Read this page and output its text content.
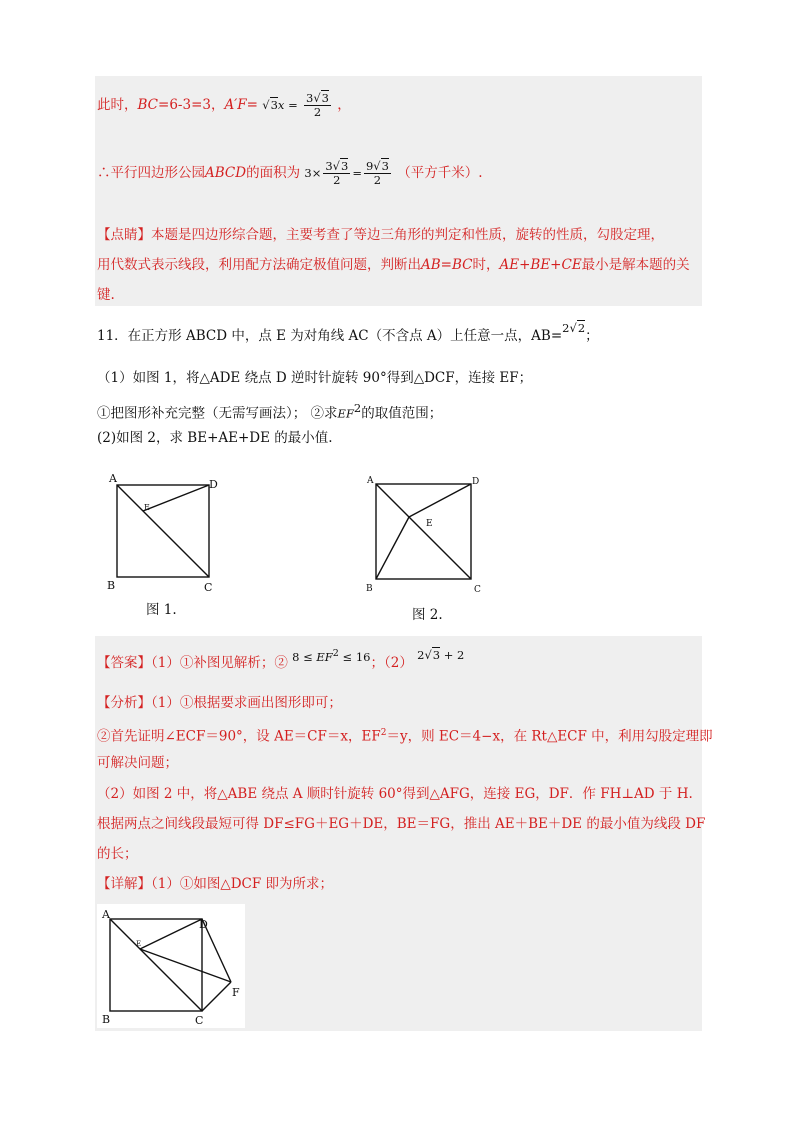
此时，BC=6-3=3，$A'F= √3x = \frac{3√3}{2}$ ，
∴平行四边形公园ABCD的面积为 $3\times \frac{3√3}{2} = \frac{9√3}{2}$ （平方千米）.
【点睛】本题是四边形综合题，主要考查了等边三角形的判定和性质，旋转的性质，勾股定理，
用代数式表示线段，利用配方法确定极值问题，判断出AB=BC时，AE+BE+CE最小是解本题的关
键.
11．在正方形 ABCD 中，点 E 为对角线 AC（不含点 A）上任意一点，AB=2√2；
（1）如图 1，将△ADE 绕点 D 逆时针旋转 90°得到△DCF，连接 EF；
①把图形补充完整（无需写画法）； ②求$EF^2$的取值范围；
(2)如图 2，求 BE+AE+DE 的最小值.
A	D
E
B	C
图 1.
A	D
E
B	C
图 2.
【答案】（1）①补图见解析；② $8 \le EF^2 \le 16$；（2） 2√3 + 2
【分析】（1）①根据要求画出图形即可；
②首先证明∠ECF＝90°，设 AE＝CF＝x，$EF^2=y$，则 EC＝4−x，在 Rt△ECF 中，利用勾股定理即
可解决问题；
（2）如图 2 中，将△ABE 绕点 A 顺时针旋转 60°得到△AFG，连接 EG，DF．作 FH⊥AD 于 H.
根据两点之间线段最短可得 DF≤FG＋EG＋DE，BE＝FG，推出 AE＋BE＋DE 的最小值为线段 DF
的长；
【详解】（1）①如图△DCF 即为所求；
A
D
E
F
B	C
